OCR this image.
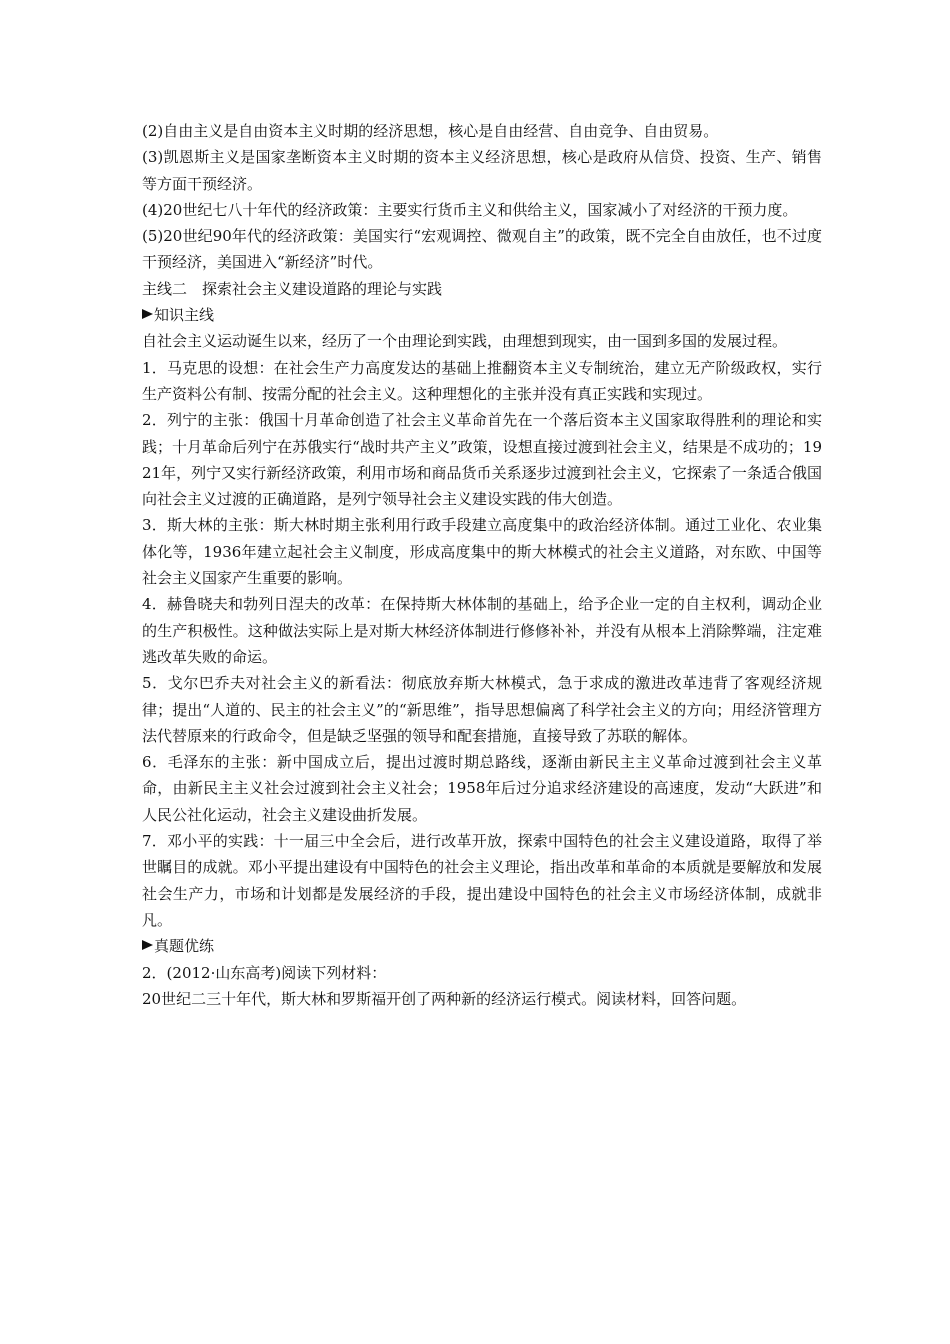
(2)自由主义是自由资本主义时期的经济思想，核心是自由经营、自由竞争、自由贸易。

(3)凯恩斯主义是国家垄断资本主义时期的资本主义经济思想，核心是政府从信贷、投资、生产、销售等方面干预经济。

(4)20世纪七八十年代的经济政策：主要实行货币主义和供给主义，国家减小了对经济的干预力度。

(5)20世纪90年代的经济政策：美国实行“宏观调控、微观自主”的政策，既不完全自由放任，也不过度干预经济，美国进入“新经济”时代。

主线二　探索社会主义建设道路的理论与实践

知识主线

自社会主义运动诞生以来，经历了一个由理论到实践，由理想到现实，由一国到多国的发展过程。

1．马克思的设想：在社会生产力高度发达的基础上推翻资本主义专制统治，建立无产阶级政权，实行生产资料公有制、按需分配的社会主义。这种理想化的主张并没有真正实践和实现过。

2．列宁的主张：俄国十月革命创造了社会主义革命首先在一个落后资本主义国家取得胜利的理论和实践；十月革命后列宁在苏俄实行“战时共产主义”政策，设想直接过渡到社会主义，结果是不成功的；1921年，列宁又实行新经济政策，利用市场和商品货币关系逐步过渡到社会主义，它探索了一条适合俄国向社会主义过渡的正确道路，是列宁领导社会主义建设实践的伟大创造。

3．斯大林的主张：斯大林时期主张利用行政手段建立高度集中的政治经济体制。通过工业化、农业集体化等，1936年建立起社会主义制度，形成高度集中的斯大林模式的社会主义道路，对东欧、中国等社会主义国家产生重要的影响。

4．赫鲁晓夫和勃列日涅夫的改革：在保持斯大林体制的基础上，给予企业一定的自主权利，调动企业的生产积极性。这种做法实际上是对斯大林经济体制进行修修补补，并没有从根本上消除弊端，注定难逃改革失败的命运。

5．戈尔巴乔夫对社会主义的新看法：彻底放弃斯大林模式，急于求成的激进改革违背了客观经济规律；提出“人道的、民主的社会主义”的“新思维”，指导思想偏离了科学社会主义的方向；用经济管理方法代替原来的行政命令，但是缺乏坚强的领导和配套措施，直接导致了苏联的解体。

6．毛泽东的主张：新中国成立后，提出过渡时期总路线，逐渐由新民主主义革命过渡到社会主义革命，由新民主主义社会过渡到社会主义社会；1958年后过分追求经济建设的高速度，发动“大跃进”和人民公社化运动，社会主义建设曲折发展。

7．邓小平的实践：十一届三中全会后，进行改革开放，探索中国特色的社会主义建设道路，取得了举世瞩目的成就。邓小平提出建设有中国特色的社会主义理论，指出改革和革命的本质就是要解放和发展社会生产力，市场和计划都是发展经济的手段，提出建设中国特色的社会主义市场经济体制，成就非凡。

真题优练

2．(2012·山东高考)阅读下列材料：

20世纪二三十年代，斯大林和罗斯福开创了两种新的经济运行模式。阅读材料，回答问题。
